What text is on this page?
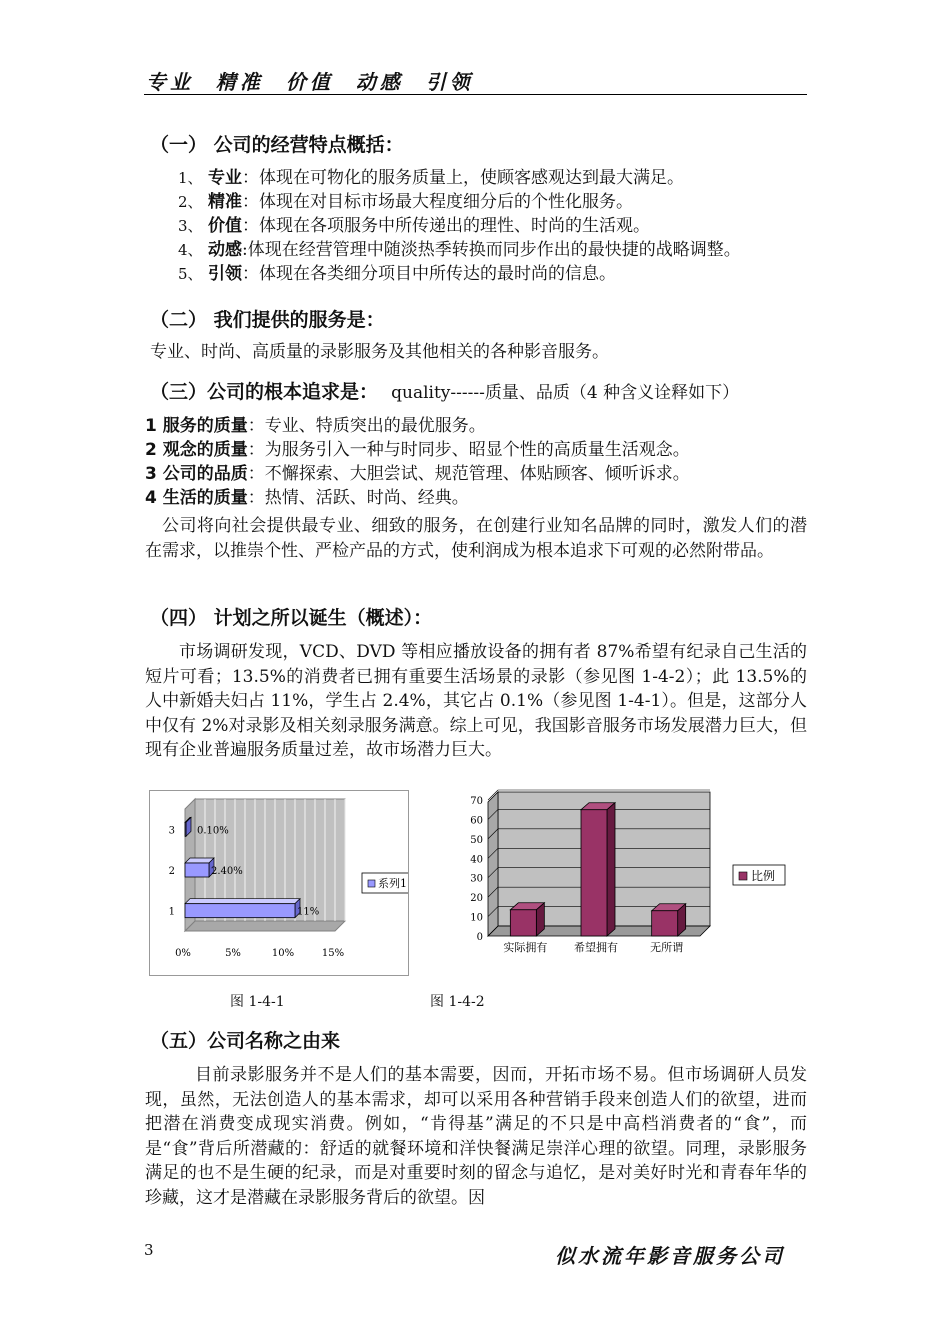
专业  精准  价值  动感  引领
（一） 公司的经营特点概括：
1、 专业：体现在可物化的服务质量上，使顾客感观达到最大满足。
2、 精准：体现在对目标市场最大程度细分后的个性化服务。
3、 价值：体现在各项服务中所传递出的理性、时尚的生活观。
4、 动感:体现在经营管理中随淡热季转换而同步作出的最快捷的战略调整。
5、 引领：体现在各类细分项目中所传达的最时尚的信息。
（二） 我们提供的服务是：
专业、时尚、高质量的录影服务及其他相关的各种影音服务。
（三）公司的根本追求是： quality------质量、品质（4 种含义诠释如下）
1 服务的质量：专业、特质突出的最优服务。
2 观念的质量：为服务引入一种与时同步、昭显个性的高质量生活观念。
3 公司的品质：不懈探索、大胆尝试、规范管理、体贴顾客、倾听诉求。
4 生活的质量：热情、活跃、时尚、经典。
公司将向社会提供最专业、细致的服务，在创建行业知名品牌的同时，激发人们的潜在需求，以推崇个性、严检产品的方式，使利润成为根本追求下可观的必然附带品。
（四） 计划之所以诞生（概述）：
市场调研发现，VCD、DVD 等相应播放设备的拥有者 87%希望有纪录自己生活的短片可看；13.5%的消费者已拥有重要生活场景的录影（参见图 1-4-2）；此 13.5%的人中新婚夫妇占 11%，学生占 2.4%，其它占 0.1%（参见图 1-4-1）。但是，这部分人中仅有 2%对录影及相关刻录服务满意。综上可见，我国影音服务市场发展潜力巨大，但现有企业普遍服务质量过差，故市场潜力巨大。
0%	5%	10%	15%
1	11%
2	2.40%
3 0.10%
系列1
图 1-4-1
0
10
20
30
40
50
60
70
实际拥有 希望拥有	无所谓
比例
图 1-4-2
（五）公司名称之由来
目前录影服务并不是人们的基本需要，因而，开拓市场不易。但市场调研人员发现，虽然，无法创造人的基本需求，却可以采用各种营销手段来创造人们的欲望，进而把潜在消费变成现实消费。例如，“肯得基”满足的不只是中高档消费者的“食”，而是“食”背后所潜藏的：舒适的就餐环境和洋快餐满足崇洋心理的欲望。同理，录影服务满足的也不是生硬的纪录，而是对重要时刻的留念与追忆，是对美好时光和青春年华的珍藏，这才是潜藏在录影服务背后的欲望。因
3	似水流年影音服务公司
